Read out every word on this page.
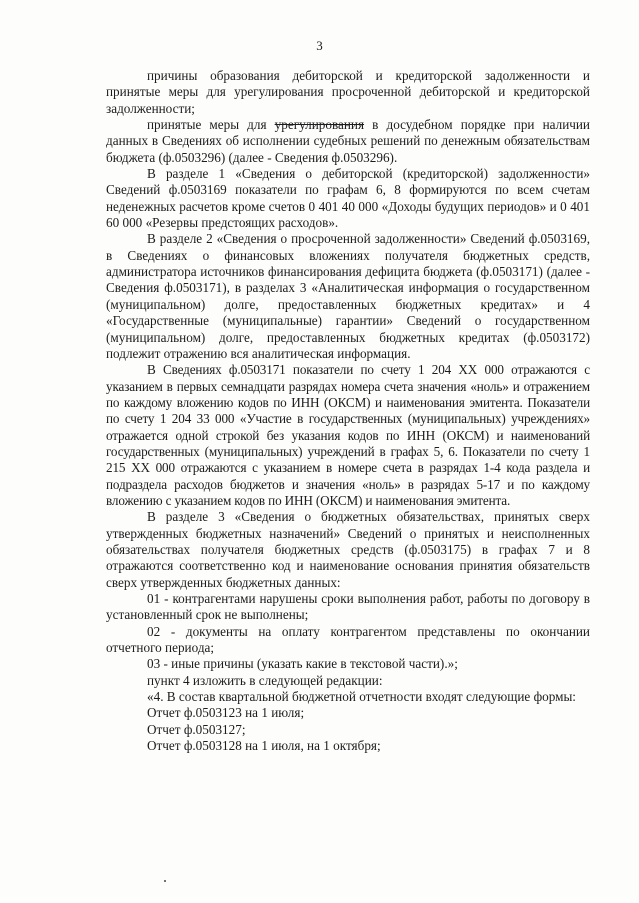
3

причины образования дебиторской и кредиторской задолженности и принятые меры для урегулирования просроченной дебиторской и кредиторской задолженности;

принятые меры для урегулирования в досудебном порядке при наличии данных в Сведениях об исполнении судебных решений по денежным обязательствам бюджета (ф.0503296) (далее - Сведения ф.0503296).

В разделе 1 «Сведения о дебиторской (кредиторской) задолженности» Сведений ф.0503169 показатели по графам 6, 8 формируются по всем счетам неденежных расчетов кроме счетов 0 401 40 000 «Доходы будущих периодов» и 0 401 60 000 «Резервы предстоящих расходов».

В разделе 2 «Сведения о просроченной задолженности» Сведений ф.0503169, в Сведениях о финансовых вложениях получателя бюджетных средств, администратора источников финансирования дефицита бюджета (ф.0503171) (далее - Сведения ф.0503171), в разделах 3 «Аналитическая информация о государственном (муниципальном) долге, предоставленных бюджетных кредитах» и 4 «Государственные (муниципальные) гарантии» Сведений о государственном (муниципальном) долге, предоставленных бюджетных кредитах (ф.0503172) подлежит отражению вся аналитическая информация.

В Сведениях ф.0503171 показатели по счету 1 204 ХХ 000 отражаются с указанием в первых семнадцати разрядах номера счета значения «ноль» и отражением по каждому вложению кодов по ИНН (ОКСМ) и наименования эмитента. Показатели по счету 1 204 33 000 «Участие в государственных (муниципальных) учреждениях» отражается одной строкой без указания кодов по ИНН (ОКСМ) и наименований государственных (муниципальных) учреждений в графах 5, 6. Показатели по счету 1 215 ХХ 000 отражаются с указанием в номере счета в разрядах 1-4 кода раздела и подраздела расходов бюджетов и значения «ноль» в разрядах 5-17 и по каждому вложению с указанием кодов по ИНН (ОКСМ) и наименования эмитента.

В разделе 3 «Сведения о бюджетных обязательствах, принятых сверх утвержденных бюджетных назначений» Сведений о принятых и неисполненных обязательствах получателя бюджетных средств (ф.0503175) в графах 7 и 8 отражаются соответственно код и наименование основания принятия обязательств сверх утвержденных бюджетных данных:

01 - контрагентами нарушены сроки выполнения работ, работы по договору в установленный срок не выполнены;

02 - документы на оплату контрагентом представлены по окончании отчетного периода;

03 - иные причины (указать какие в текстовой части).»;

пункт 4 изложить в следующей редакции:

«4. В состав квартальной бюджетной отчетности входят следующие формы:

Отчет ф.0503123 на 1 июля;

Отчет ф.0503127;

Отчет ф.0503128 на 1 июля, на 1 октября;
